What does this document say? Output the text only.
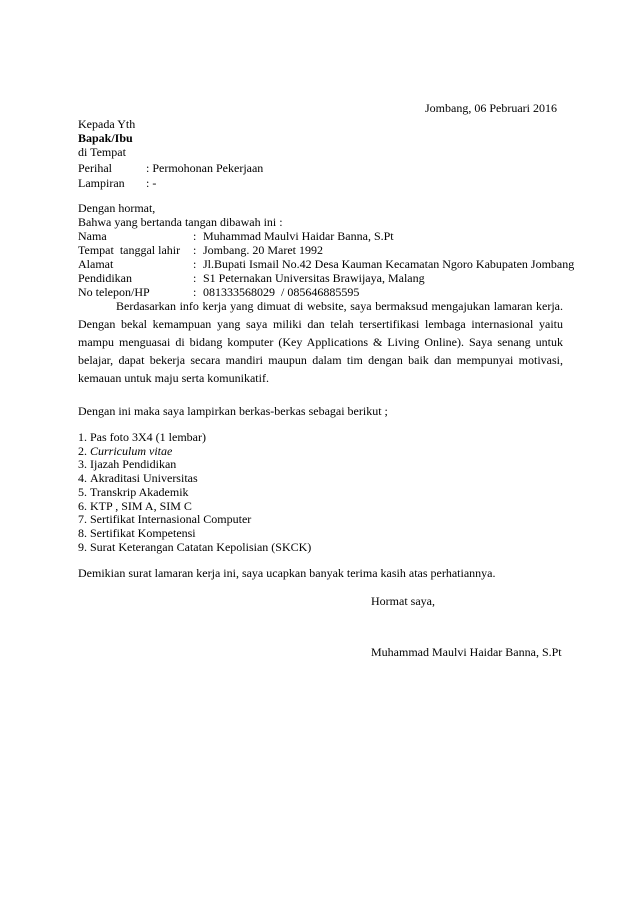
Jombang, 06 Pebruari 2016
Kepada Yth
Bapak/Ibu
di Tempat
Perihal	: Permohonan Pekerjaan
Lampiran : -
Dengan hormat,
Bahwa yang bertanda tangan dibawah ini :
Nama	: Muhammad Maulvi Haidar Banna, S.Pt
Tempat  tanggal lahir : Jombang. 20 Maret 1992
Alamat	: Jl.Bupati Ismail No.42 Desa Kauman Kecamatan Ngoro Kabupaten Jombang
Pendidikan	: S1 Peternakan Universitas Brawijaya, Malang
No telepon/HP	: 081333568029  / 085646885595
Berdasarkan info kerja yang dimuat di website, saya bermaksud mengajukan lamaran kerja. Dengan bekal kemampuan yang saya miliki dan telah tersertifikasi lembaga internasional yaitu mampu menguasai di bidang komputer (Key Applications & Living Online). Saya senang untuk belajar, dapat bekerja secara mandiri maupun dalam tim dengan baik dan mempunyai motivasi, kemauan untuk maju serta komunikatif.
Dengan ini maka saya lampirkan berkas-berkas sebagai berikut ;
1. Pas foto 3X4 (1 lembar)
2. Curriculum vitae
3. Ijazah Pendidikan
4. Akraditasi Universitas
5. Transkrip Akademik
6. KTP , SIM A, SIM C
7. Sertifikat Internasional Computer
8. Sertifikat Kompetensi
9. Surat Keterangan Catatan Kepolisian (SKCK)
Demikian surat lamaran kerja ini, saya ucapkan banyak terima kasih atas perhatiannya.
Hormat saya,
Muhammad Maulvi Haidar Banna, S.Pt
